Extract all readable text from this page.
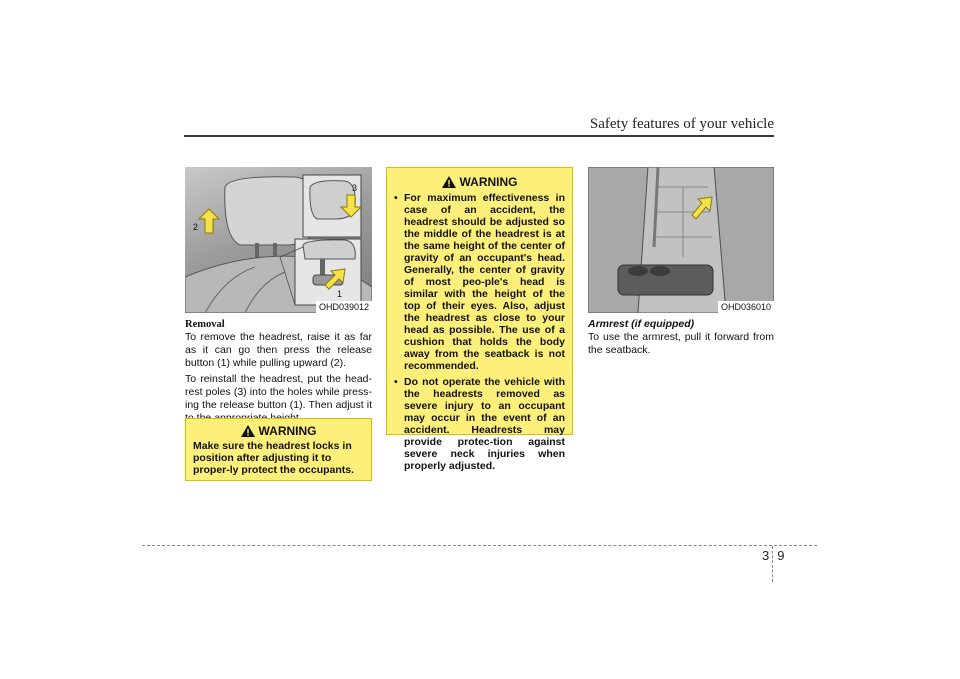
Safety features of your vehicle
3
2
1
OHD039012
Removal

To remove the headrest, raise it as far as it can go then press the release button (1) while pulling upward (2).

To reinstall the headrest, put the head-rest poles (3) into the holes while press-ing the release button (1). Then adjust it

WARNING
Make sure the headrest locks in position after adjusting it to proper-ly protect the occupants.
WARNING
• For maximum effectiveness in case of an accident, the headrest should be adjusted so the middle of the headrest is at the same height of the center of gravity of an occupant's head. Generally, the center of gravity of most peo-ple's head is similar with the height of the top of their eyes. Also, adjust the headrest as close to your head as possible. The use of a cushion that holds the body away from the seatback is not recommended.
• Do not operate the vehicle with the headrests removed as severe injury to an occupant may occur in the event of an accident. Headrests may provide protec-tion against severe neck injuries when properly adjusted.
OHD036010
Armrest (if equipped)

To use the armrest, pull it forward from the seatback.

3 9
